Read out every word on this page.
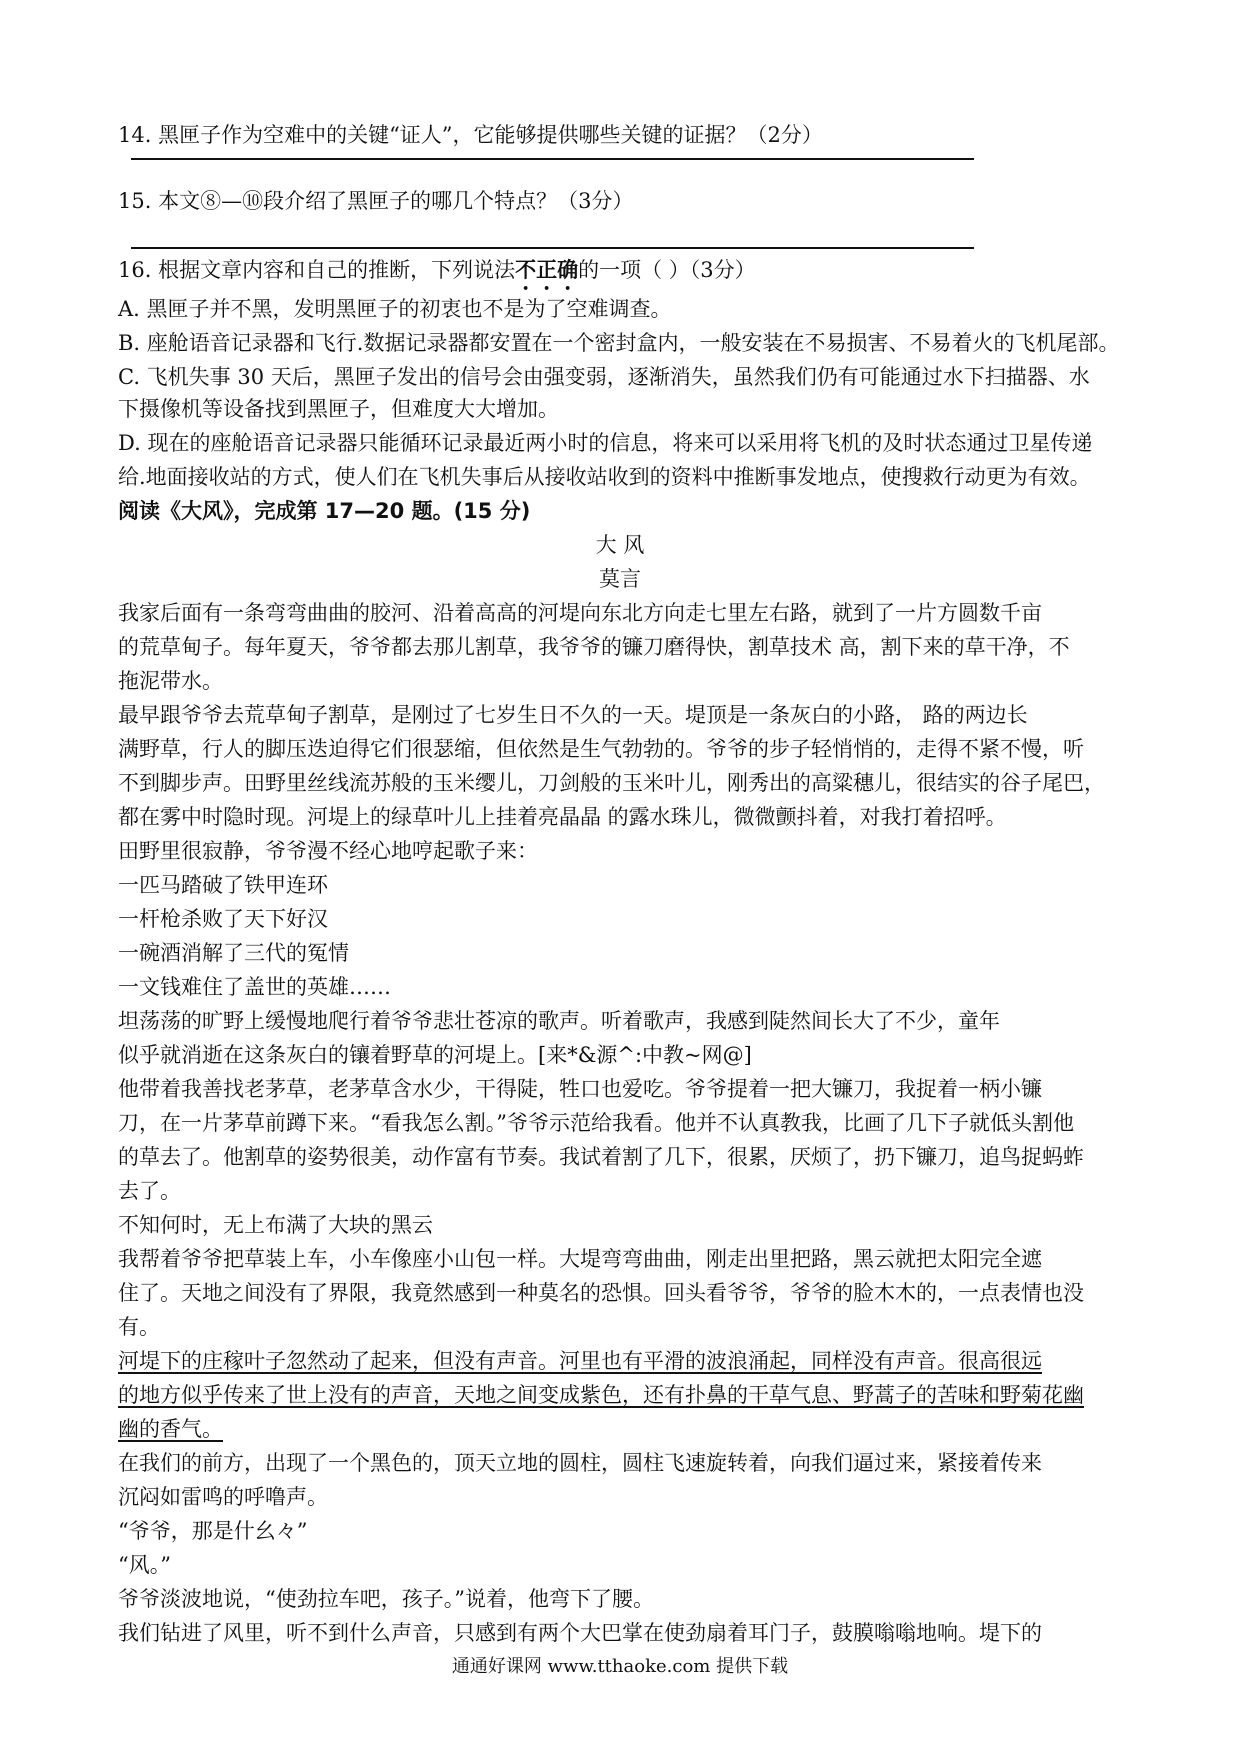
14. 黑匣子作为空难中的关键“证人”，它能够提供哪些关键的证据？（2分）
15. 本文⑧—⑩段介绍了黑匣子的哪几个特点？（3分）
16. 根据文章内容和自己的推断，下列说法不正确的一项（ ）（3分）
A. 黑匣子并不黑，发明黑匣子的初衷也不是为了空难调查。
B. 座舱语音记录器和飞行.数据记录器都安置在一个密封盒内，一般安装在不易损害、不易着火的飞机尾部。
C. 飞机失事 30 天后，黑匣子发出的信号会由强变弱，逐渐消失，虽然我们仍有可能通过水下扫描器、水
下摄像机等设备找到黑匣子，但难度大大增加。
D. 现在的座舱语音记录器只能循环记录最近两小时的信息，将来可以采用将飞机的及时状态通过卫星传递
给.地面接收站的方式，使人们在飞机失事后从接收站收到的资料中推断事发地点，使搜救行动更为有效。
阅读《大风》，完成第 17—20 题。(15 分)
大 风
莫言
我家后面有一条弯弯曲曲的胶河、沿着高高的河堤向东北方向走七里左右路，就到了一片方圆数千亩
的荒草甸子。每年夏天，爷爷都去那儿割草，我爷爷的镰刀磨得快，割草技术 高，割下来的草干净，不
拖泥带水。
最早跟爷爷去荒草甸子割草，是刚过了七岁生日不久的一天。堤顶是一条灰白的小路， 路的两边长
满野草，行人的脚压迭迫得它们很瑟缩，但依然是生气勃勃的。爷爷的步子轻悄悄的，走得不紧不慢，听
不到脚步声。田野里丝线流苏般的玉米缨儿，刀剑般的玉米叶儿，刚秀出的高粱穗儿，很结实的谷子尾巴，
都在雾中时隐时现。河堤上的绿草叶儿上挂着亮晶晶 的露水珠儿，微微颤抖着，对我打着招呼。
田野里很寂静，爷爷漫不经心地哼起歌子来：
一匹马踏破了铁甲连环
一杆枪杀败了天下好汉
一碗酒消解了三代的冤情
一文钱难住了盖世的英雄……
坦荡荡的旷野上缓慢地爬行着爷爷悲壮苍凉的歌声。听着歌声，我感到陡然间长大了不少，童年
似乎就消逝在这条灰白的镶着野草的河堤上。[来*&源^:中教~网@]
他带着我善找老茅草，老茅草含水少，干得陡，牲口也爱吃。爷爷提着一把大镰刀，我捉着一柄小镰
刀，在一片茅草前蹲下来。“看我怎么割。”爷爷示范给我看。他并不认真教我，比画了几下子就低头割他
的草去了。他割草的姿势很美，动作富有节奏。我试着割了几下，很累，厌烦了，扔下镰刀，追鸟捉蚂蚱
去了。
不知何时，无上布满了大块的黑云
我帮着爷爷把草装上车，小车像座小山包一样。大堤弯弯曲曲，刚走出里把路，黑云就把太阳完全遮
住了。天地之间没有了界限，我竟然感到一种莫名的恐惧。回头看爷爷，爷爷的脸木木的，一点表情也没
有。
河堤下的庄稼叶子忽然动了起来，但没有声音。河里也有平滑的波浪涌起，同样没有声音。很高很远
的地方似乎传来了世上没有的声音，天地之间变成紫色，还有扑鼻的干草气息、野蒿子的苦味和野菊花幽
幽的香气。
在我们的前方，出现了一个黑色的，顶天立地的圆柱，圆柱飞速旋转着，向我们逼过来，紧接着传来
沉闷如雷鸣的呼噜声。
“爷爷，那是什幺々”
“风。”
爷爷淡波地说，“使劲拉车吧，孩子。”说着，他弯下了腰。
我们钻进了风里，听不到什么声音，只感到有两个大巴掌在使劲扇着耳门子，鼓膜嗡嗡地响。堤下的
通通好课网 www.tthaoke.com 提供下载
